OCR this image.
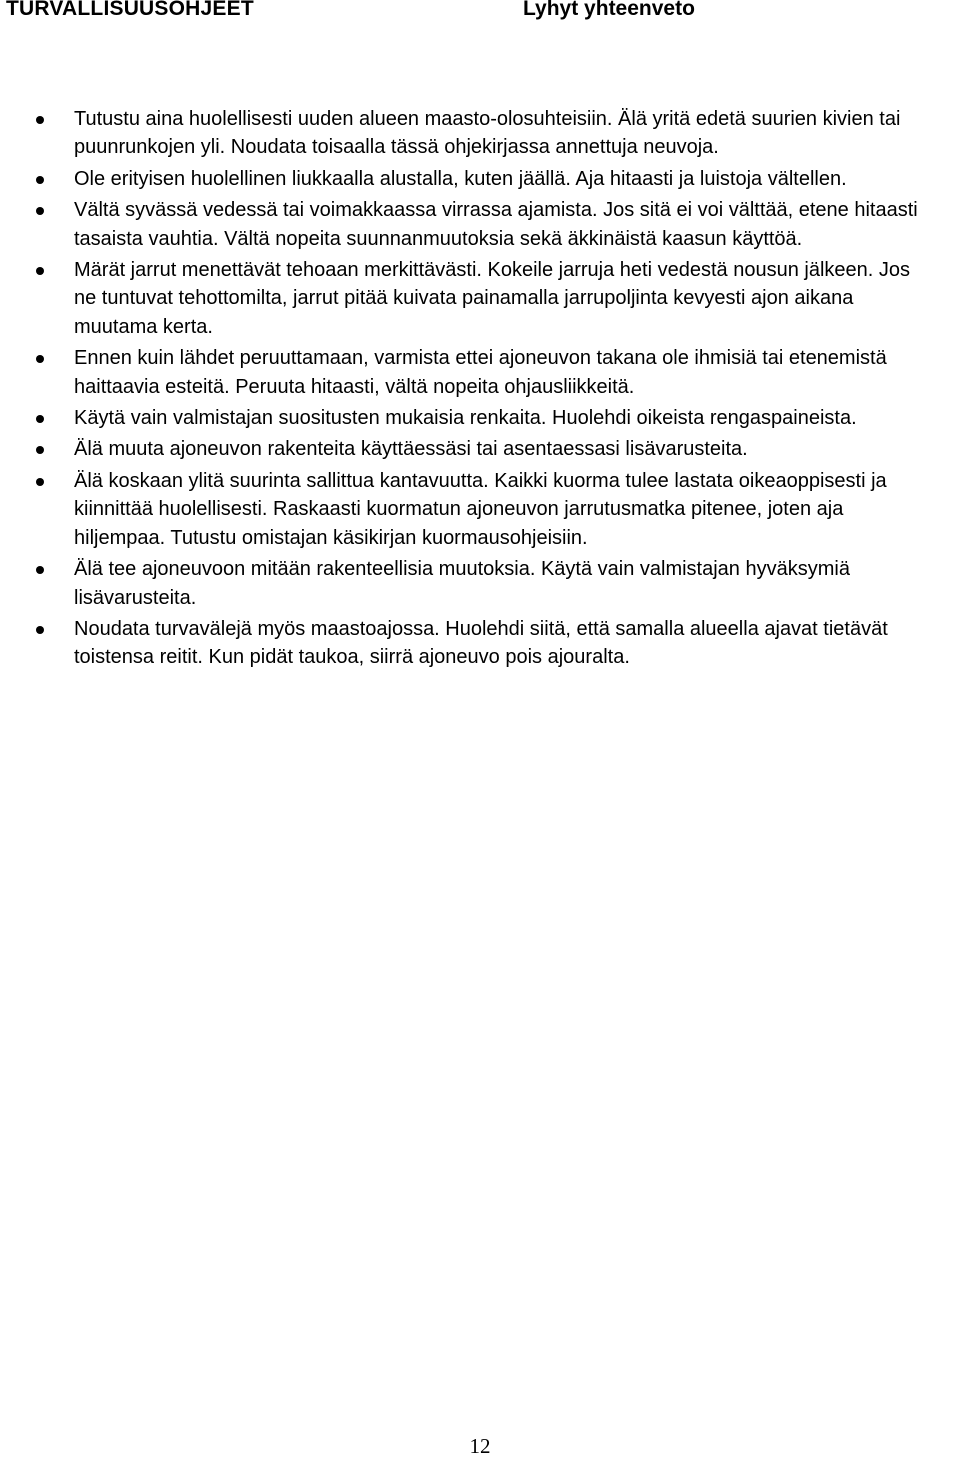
TURVALLISUUSOHJEET	Lyhyt yhteenveto
Tutustu aina huolellisesti uuden alueen maasto-olosuhteisiin. Älä yritä edetä suurien kivien tai puunrunkojen yli. Noudata toisaalla tässä ohjekirjassa annettuja neuvoja.
Ole erityisen huolellinen liukkaalla alustalla, kuten jäällä. Aja hitaasti ja luistoja vältellen.
Vältä syvässä vedessä tai voimakkaassa virrassa ajamista. Jos sitä ei voi välttää, etene hitaasti tasaista vauhtia. Vältä nopeita suunnanmuutoksia sekä äkkinäistä kaasun käyttöä.
Märät jarrut menettävät tehoaan merkittävästi. Kokeile jarruja heti vedestä nousun jälkeen. Jos ne tuntuvat tehottomilta, jarrut pitää kuivata painamalla jarrupoljinta kevyesti ajon aikana muutama kerta.
Ennen kuin lähdet peruuttamaan, varmista ettei ajoneuvon takana ole ihmisiä tai etenemistä haittaavia esteitä. Peruuta hitaasti, vältä nopeita ohjausliikkeitä.
Käytä vain valmistajan suositusten mukaisia renkaita. Huolehdi oikeista rengaspaineista.
Älä muuta ajoneuvon rakenteita käyttäessäsi tai asentaessasi lisävarusteita.
Älä koskaan ylitä suurinta sallittua kantavuutta. Kaikki kuorma tulee lastata oikeaoppisesti ja kiinnittää huolellisesti. Raskaasti kuormatun ajoneuvon jarrutusmatka pitenee, joten aja hiljempaa. Tutustu omistajan käsikirjan kuormausohjeisiin.
Älä tee ajoneuvoon mitään rakenteellisia muutoksia. Käytä vain valmistajan hyväksymiä lisävarusteita.
Noudata turvavälejä myös maastoajossa. Huolehdi siitä, että samalla alueella ajavat tietävät toistensa reitit. Kun pidät taukoa, siirrä ajoneuvo pois ajouralta.
12
